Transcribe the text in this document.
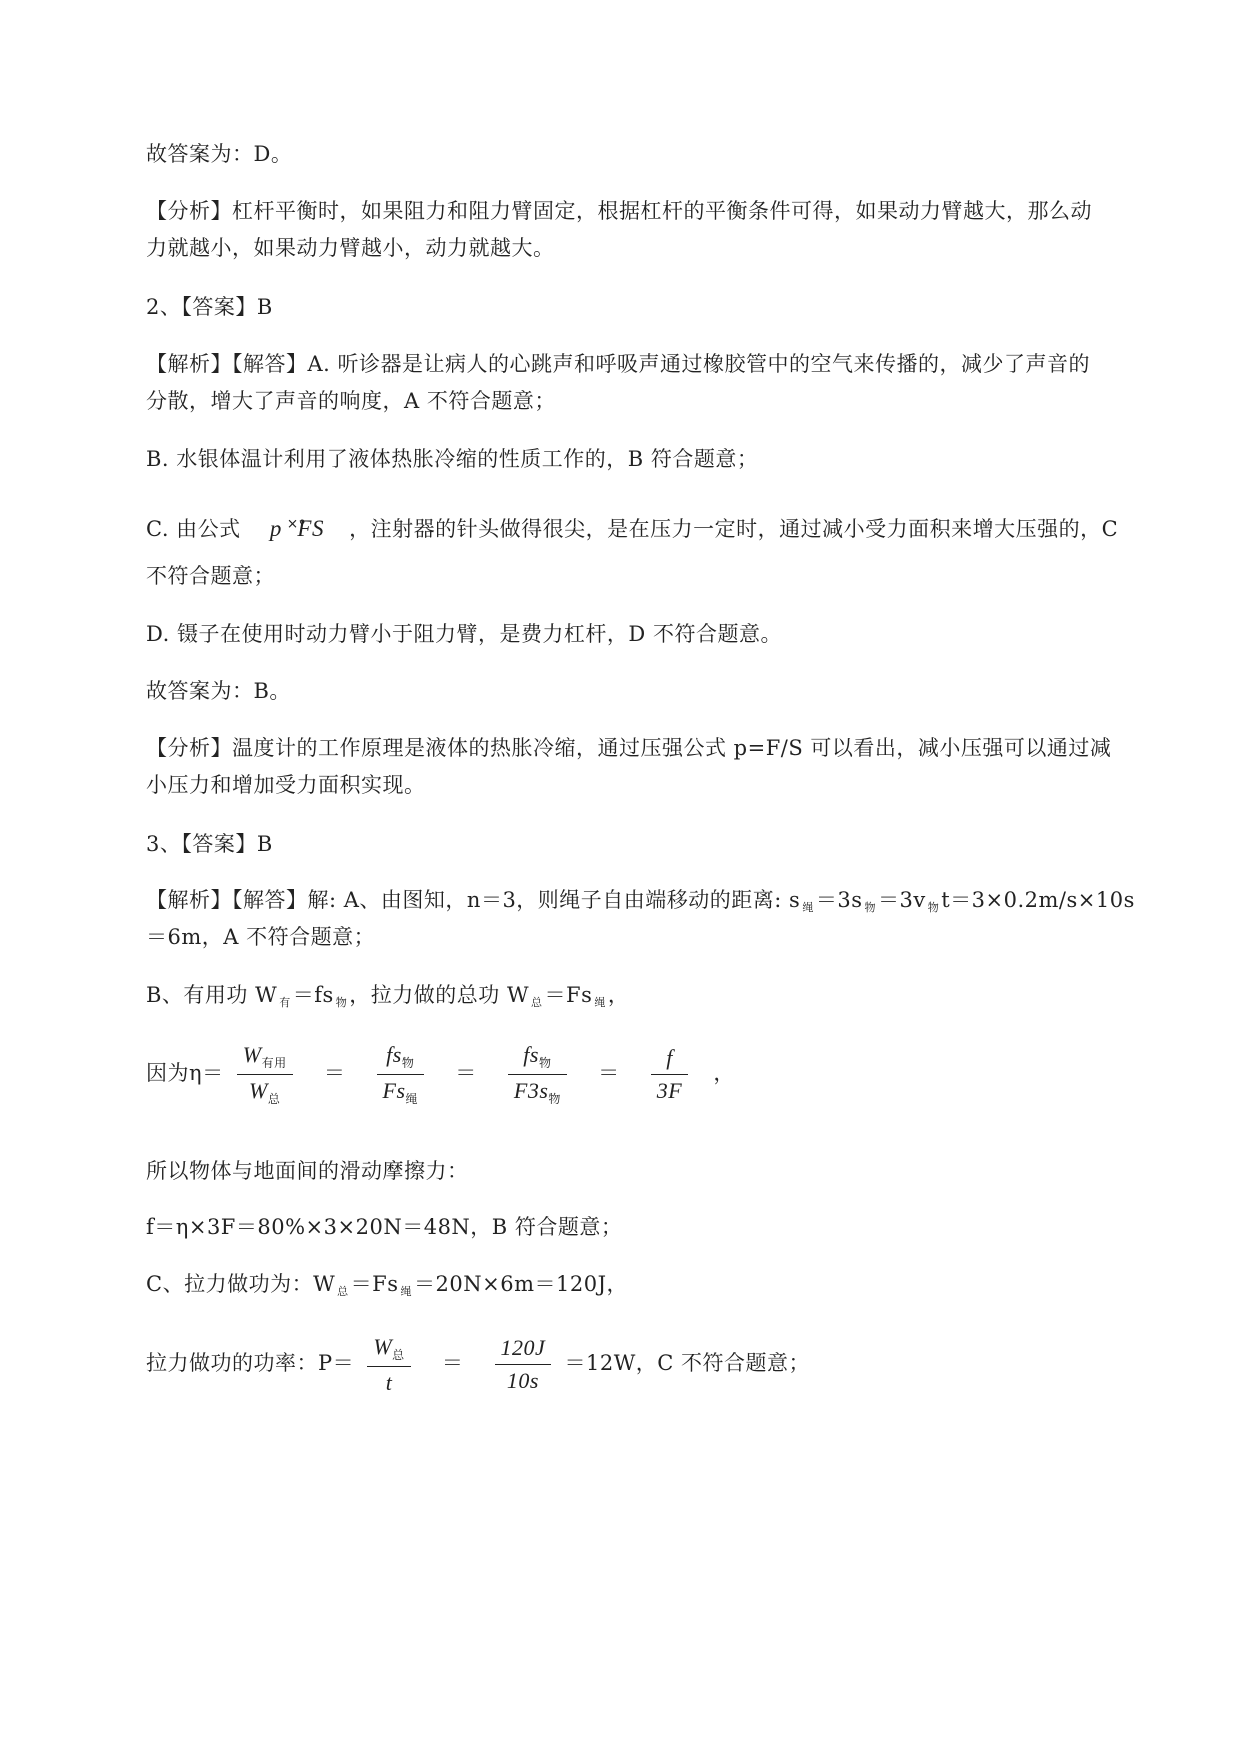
故答案为：D。
【分析】杠杆平衡时，如果阻力和阻力臂固定，根据杠杆的平衡条件可得，如果动力臂越大，那么动
力就越小，如果动力臂越小，动力就越大。
2、【答案】B
【解析】【解答】A. 听诊器是让病人的心跳声和呼吸声通过橡胶管中的空气来传播的，减少了声音的
分散，增大了声音的响度，A 不符合题意；
B. 水银体温计利用了液体热胀冷缩的性质工作的，B 符合题意；
C. 由公式 p ˟̊FS ，注射器的针头做得很尖，是在压力一定时，通过减小受力面积来增大压强的，C
不符合题意；
D. 镊子在使用时动力臂小于阻力臂，是费力杠杆，D 不符合题意。
故答案为：B。
【分析】温度计的工作原理是液体的热胀冷缩，通过压强公式 p=F/S 可以看出，减小压强可以通过减
小压力和增加受力面积实现。
3、【答案】B
【解析】【解答】解: A、由图知，n＝3，则绳子自由端移动的距离: s 绳＝3s 物＝3v 物t＝3×0.2m/s×10s
＝6m，A 不符合题意；
B、有用功 W 有＝fs 物，拉力做的总功 W 总＝Fs 绳，
因为$\eta= \frac{W_{有用}}{W_总} = \frac{fs_物}{Fs_绳} = \frac{fs_物}{F3s_物} = \frac{f}{3F}$ ，
所以物体与地面间的滑动摩擦力：
f＝η×3F＝80%×3×20N＝48N，B 符合题意；
C、拉力做功为：W 总＝Fs 绳＝20N×6m＝120J，
拉力做功的功率：$P= \frac{W_总}{t} = \frac{120J}{10s} =12W$，C 不符合题意；
